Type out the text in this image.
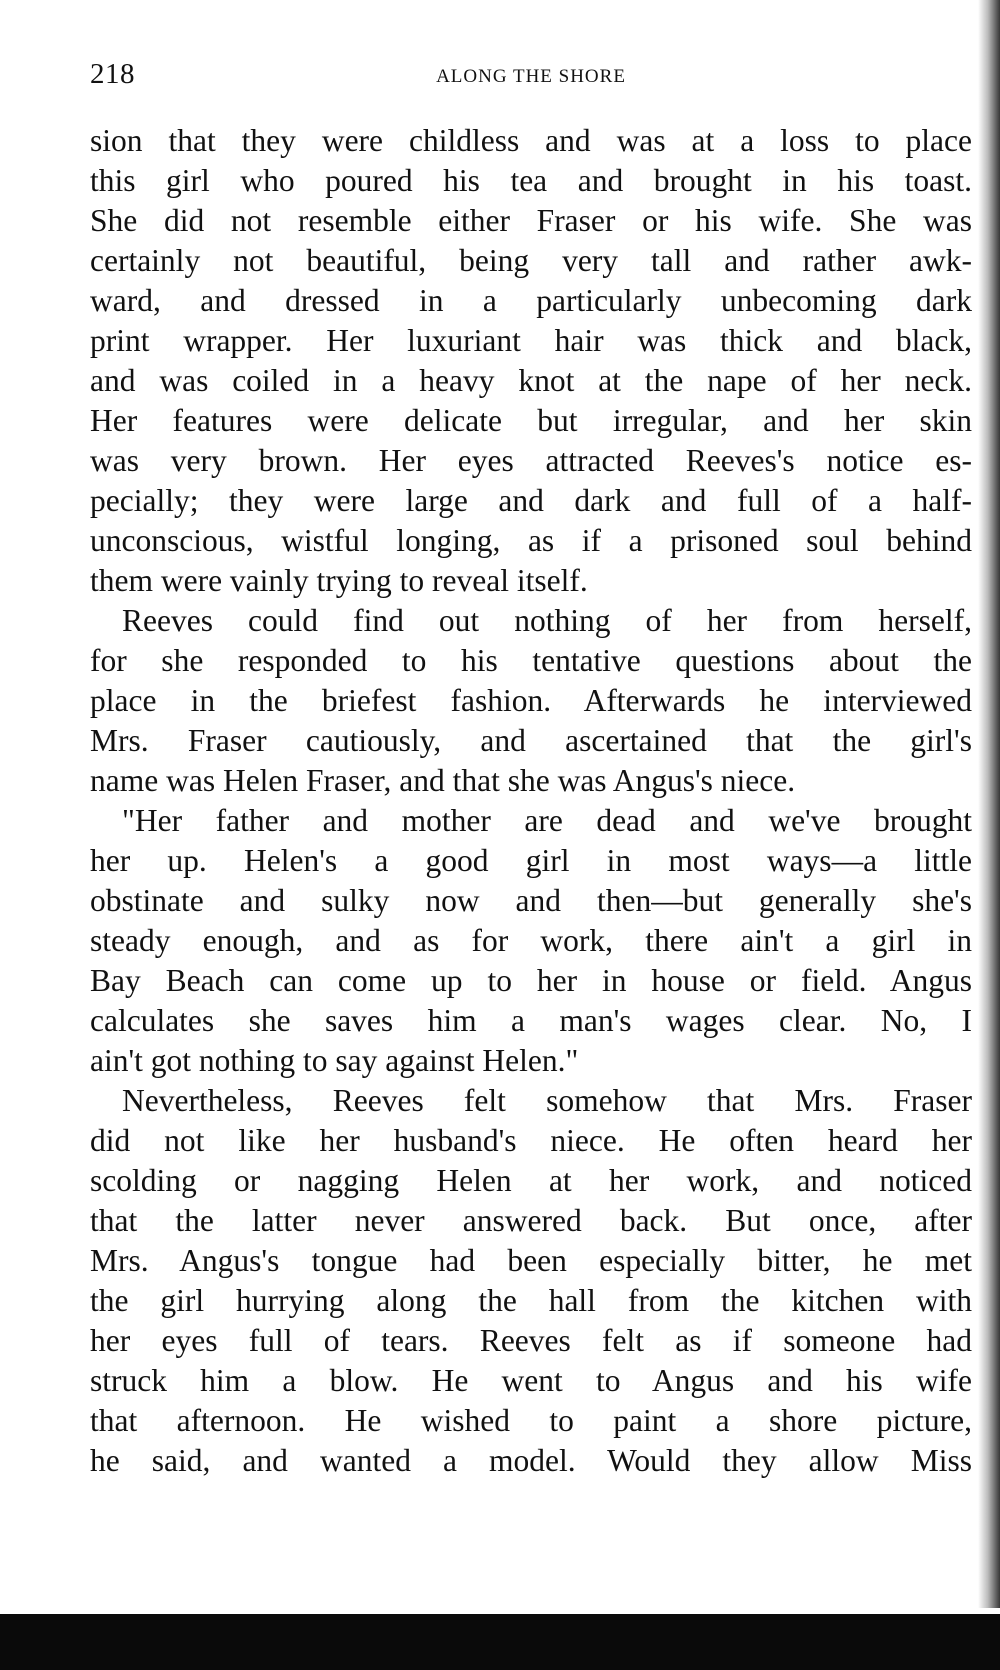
218	ALONG THE SHORE
sion that they were childless and was at a loss to place
this girl who poured his tea and brought in his toast.
She did not resemble either Fraser or his wife. She was
certainly not beautiful, being very tall and rather awk-
ward, and dressed in a particularly unbecoming dark
print wrapper. Her luxuriant hair was thick and black,
and was coiled in a heavy knot at the nape of her neck.
Her features were delicate but irregular, and her skin
was very brown. Her eyes attracted Reeves's notice es-
pecially; they were large and dark and full of a half-
unconscious, wistful longing, as if a prisoned soul behind
them were vainly trying to reveal itself.
Reeves could find out nothing of her from herself,
for she responded to his tentative questions about the
place in the briefest fashion. Afterwards he interviewed
Mrs. Fraser cautiously, and ascertained that the girl's
name was Helen Fraser, and that she was Angus's niece.
"Her father and mother are dead and we've brought
her up. Helen's a good girl in most ways—a little
obstinate and sulky now and then—but generally she's
steady enough, and as for work, there ain't a girl in
Bay Beach can come up to her in house or field. Angus
calculates she saves him a man's wages clear. No, I
ain't got nothing to say against Helen."
Nevertheless, Reeves felt somehow that Mrs. Fraser
did not like her husband's niece. He often heard her
scolding or nagging Helen at her work, and noticed
that the latter never answered back. But once, after
Mrs. Angus's tongue had been especially bitter, he met
the girl hurrying along the hall from the kitchen with
her eyes full of tears. Reeves felt as if someone had
struck him a blow. He went to Angus and his wife
that afternoon. He wished to paint a shore picture,
he said, and wanted a model. Would they allow Miss
